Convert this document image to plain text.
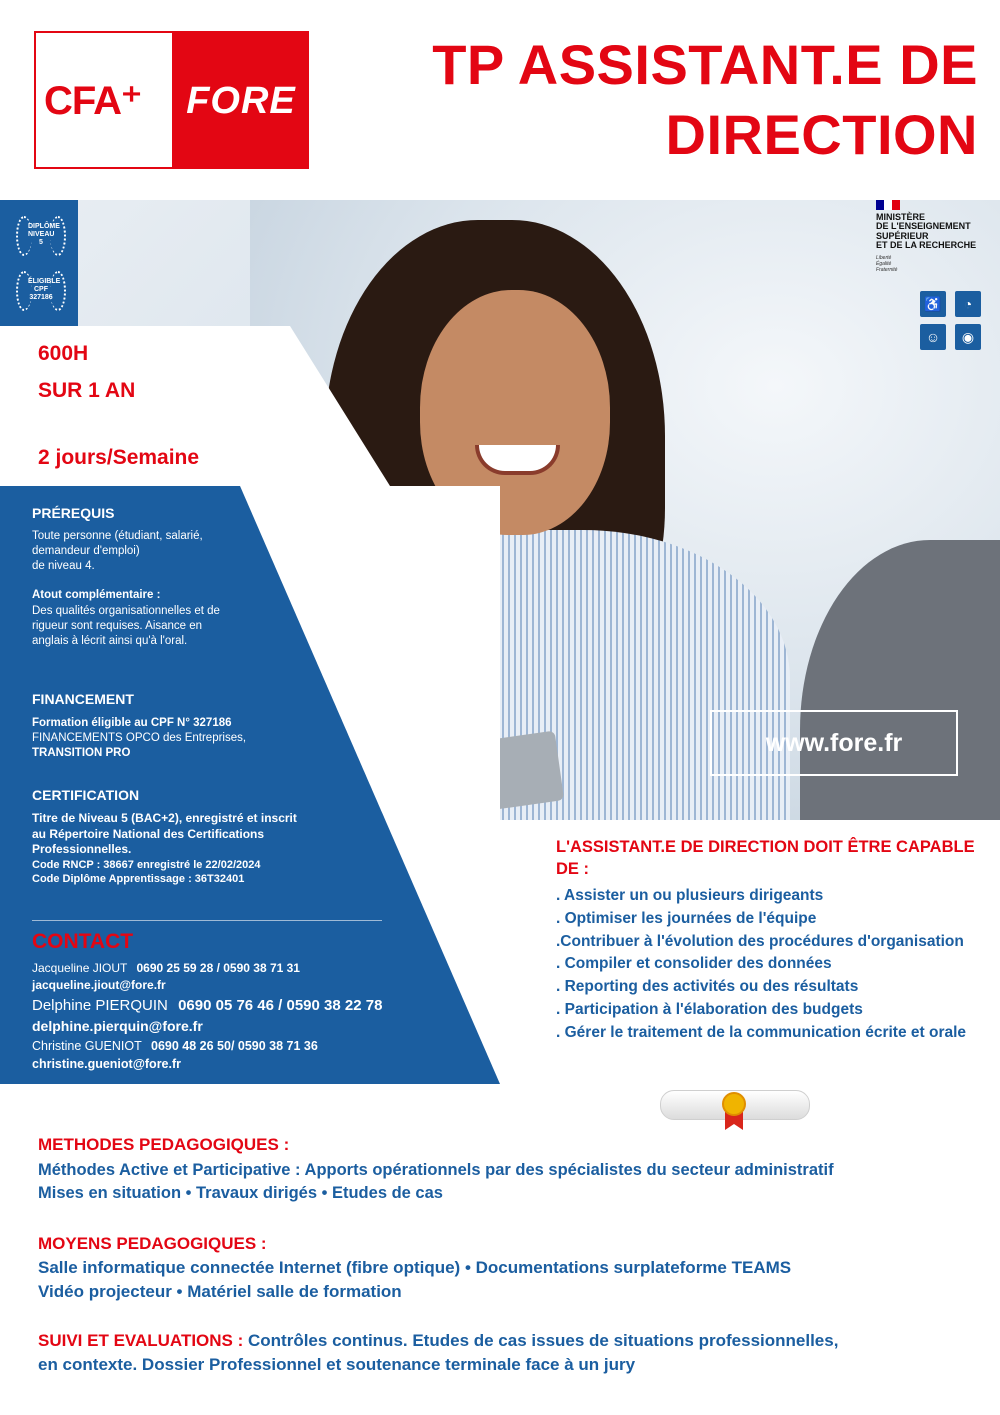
CFA⁺ FORE
TP ASSISTANT.E DE
DIRECTION
DIPLÔME NIVEAU 5
ÉLIGIBLE CPF 327186
MINISTÈRE
DE L'ENSEIGNEMENT
SUPÉRIEUR
ET DE LA RECHERCHE
Liberté
Égalité
Fraternité
♿	◔
☺	◉
www.fore.fr
600H
SUR 1 AN
2 jours/Semaine
PRÉREQUIS
Toute personne (étudiant, salarié,
demandeur d'emploi)
de niveau 4.
Atout complémentaire :
Des qualités organisationnelles et de
rigueur sont requises. Aisance en
anglais à lécrit ainsi qu'à l'oral.
FINANCEMENT
Formation éligible au CPF N° 327186
FINANCEMENTS OPCO des Entreprises,
TRANSITION PRO
CERTIFICATION
Titre de Niveau 5 (BAC+2), enregistré et inscrit
au Répertoire National des Certifications
Professionnelles.
Code RNCP : 38667 enregistré le 22/02/2024
Code Diplôme Apprentissage : 36T32401
CONTACT
Jacqueline JIOUT 0690 25 59 28 / 0590 38 71 31
jacqueline.jiout@fore.fr
Delphine PIERQUIN 0690 05 76 46 / 0590 38 22 78
delphine.pierquin@fore.fr
Christine GUENIOT 0690 48 26 50/ 0590 38 71 36
christine.gueniot@fore.fr
L'ASSISTANT.E DE DIRECTION DOIT ÊTRE CAPABLE DE :
. Assister un ou plusieurs dirigeants
. Optimiser les journées de l'équipe
.Contribuer à l'évolution des procédures d'organisation
. Compiler et consolider des données
. Reporting des activités ou des résultats
. Participation à l'élaboration des budgets
. Gérer le traitement de la communication écrite et orale
METHODES PEDAGOGIQUES :
Méthodes Active et Participative : Apports opérationnels par des spécialistes du secteur administratif
Mises en situation • Travaux dirigés • Etudes de cas
MOYENS PEDAGOGIQUES :
Salle informatique connectée Internet (fibre optique) • Documentations surplateforme TEAMS
Vidéo projecteur • Matériel salle de formation
SUIVI ET EVALUATIONS : Contrôles continus. Etudes de cas issues de situations professionnelles,
en contexte. Dossier Professionnel et soutenance terminale face à un jury
